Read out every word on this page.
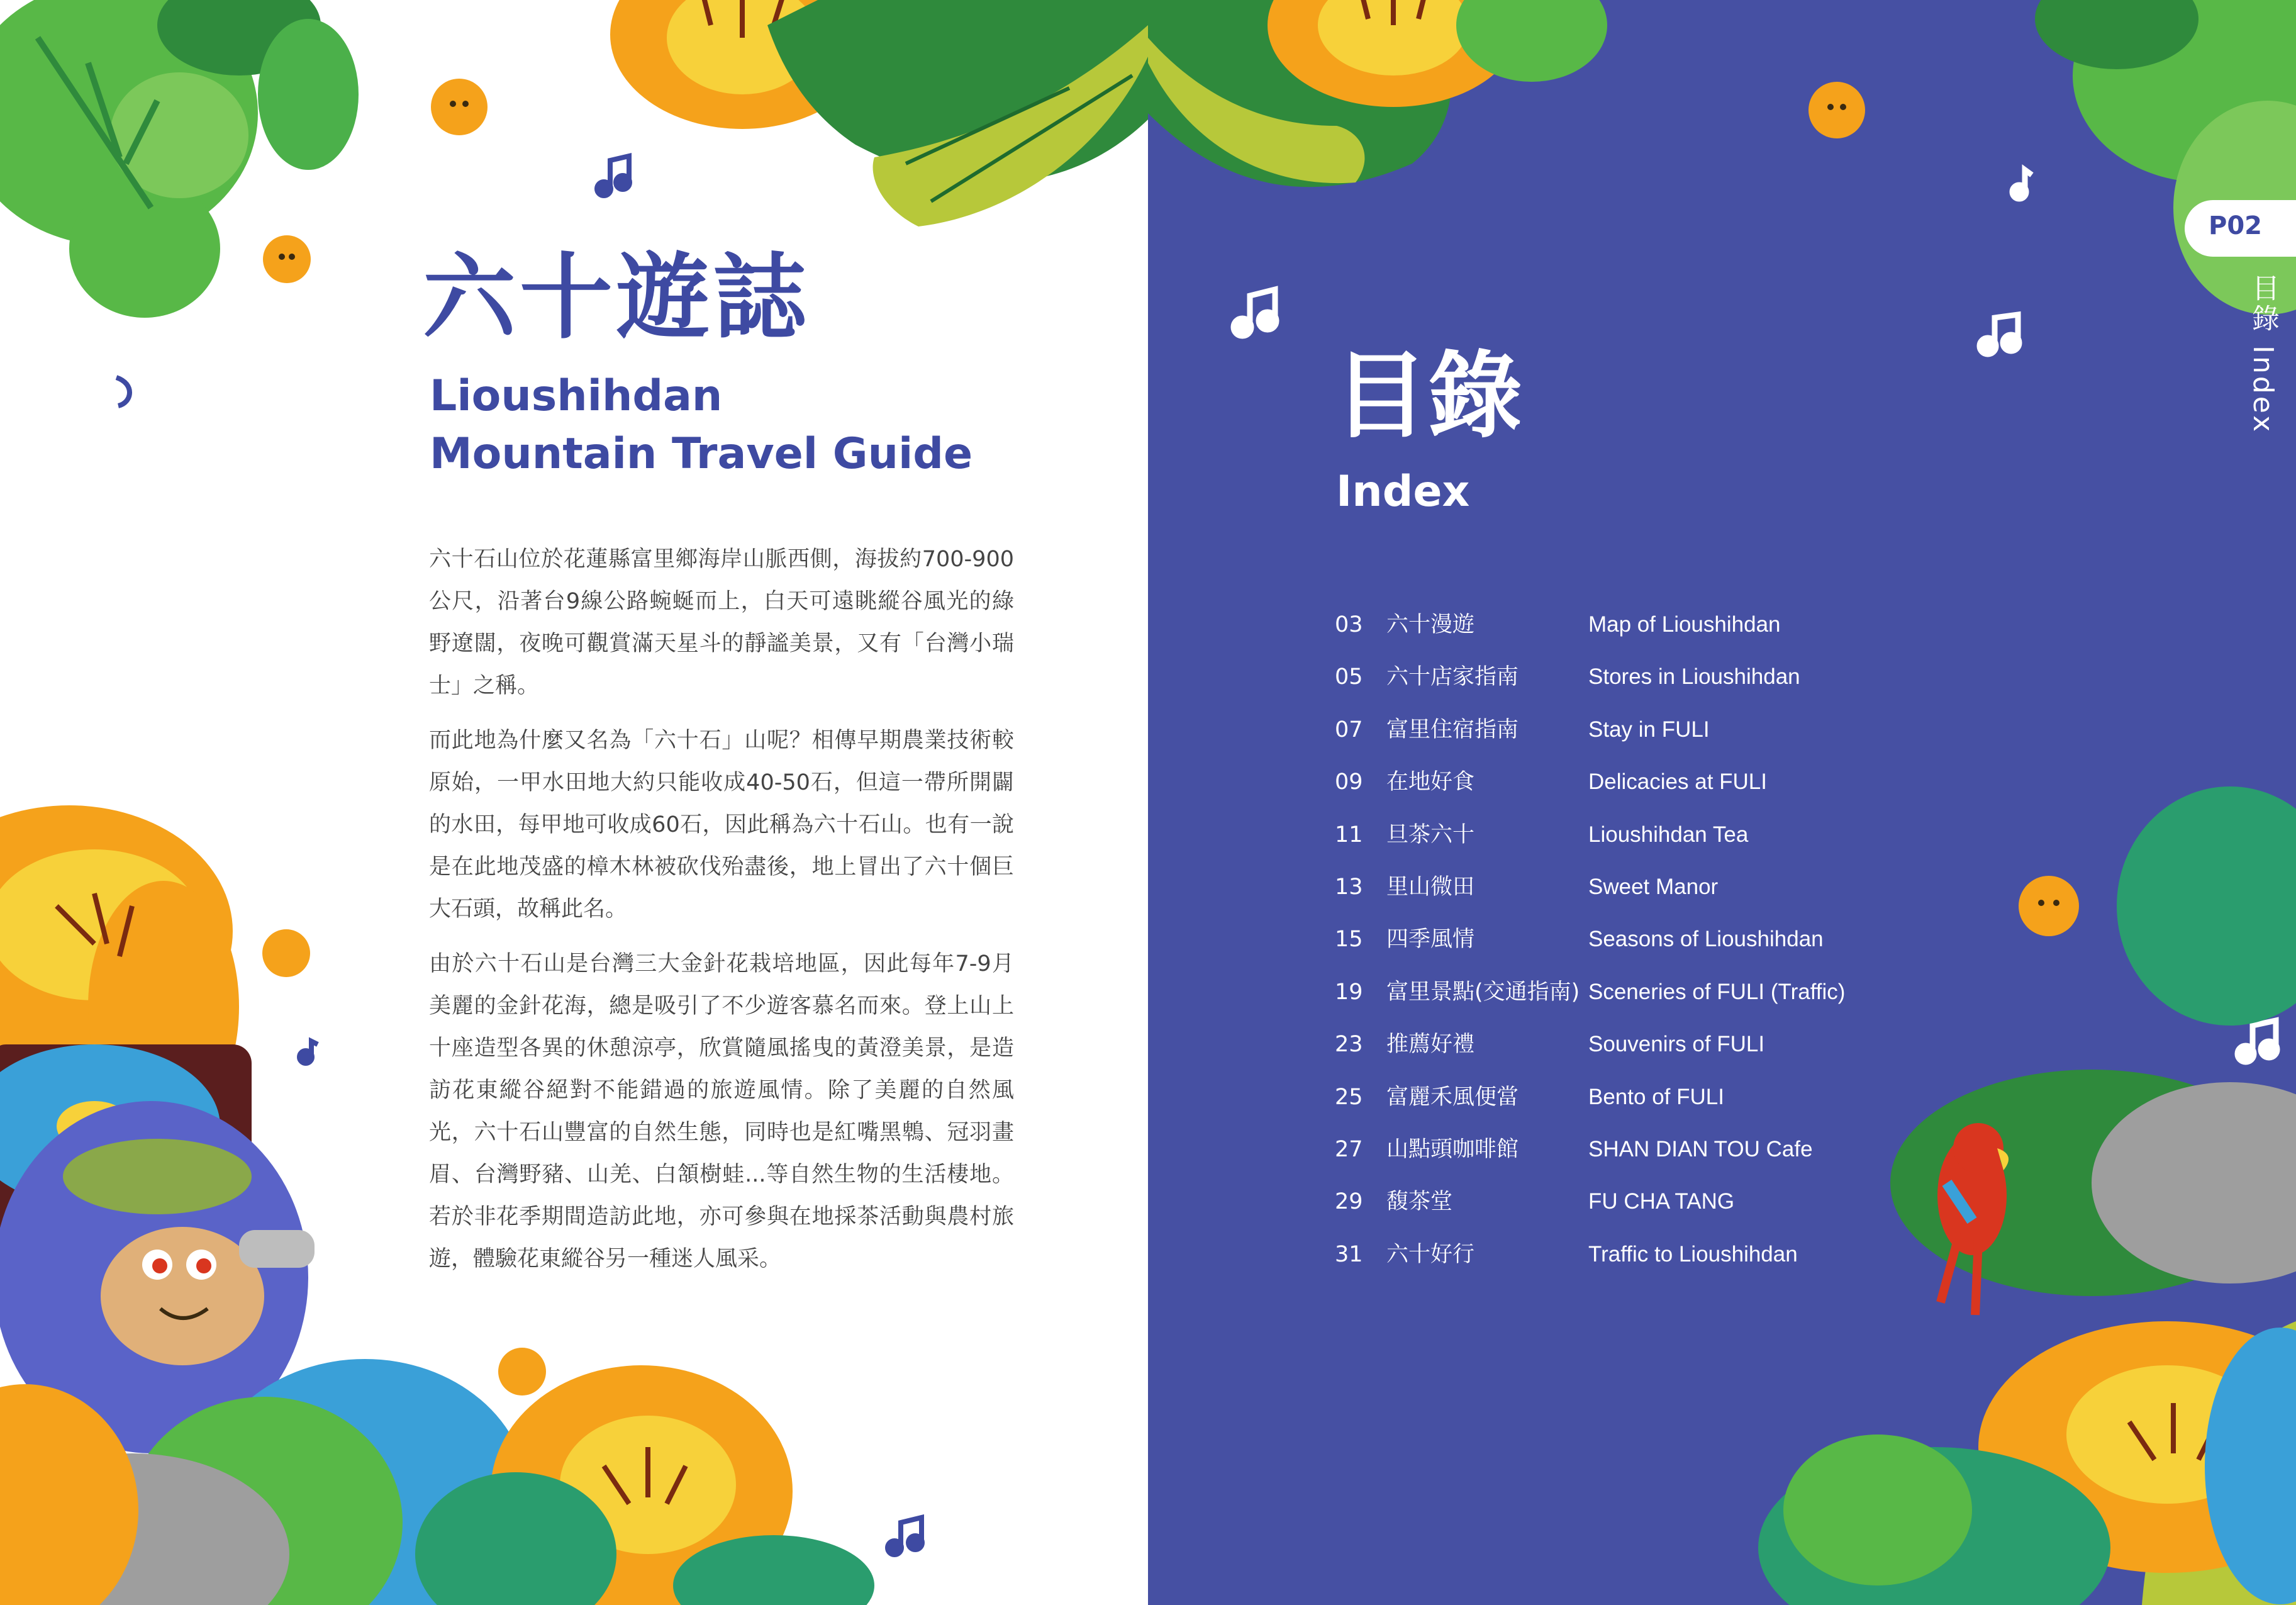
六十遊誌
Lioushihdan
Mountain Travel Guide

六十石山位於花蓮縣富里鄉海岸山脈西側，海拔約700-900公尺，沿著台9線公路蜿蜒而上，白天可遠眺縱谷風光的綠野遼闊，夜晚可觀賞滿天星斗的靜謐美景，又有「台灣小瑞士」之稱。

而此地為什麼又名為「六十石」山呢？相傳早期農業技術較原始，一甲水田地大約只能收成40-50石，但這一帶所開闢的水田，每甲地可收成60石，因此稱為六十石山。也有一說是在此地茂盛的樟木林被砍伐殆盡後，地上冒出了六十個巨大石頭，故稱此名。

由於六十石山是台灣三大金針花栽培地區，因此每年7-9月美麗的金針花海，總是吸引了不少遊客慕名而來。登上山上十座造型各異的休憩涼亭，欣賞隨風搖曳的黃澄美景，是造訪花東縱谷絕對不能錯過的旅遊風情。除了美麗的自然風光，六十石山豐富的自然生態，同時也是紅嘴黑鵯、冠羽畫眉、台灣野豬、山羌、白頷樹蛙...等自然生物的生活棲地。若於非花季期間造訪此地，亦可參與在地採茶活動與農村旅遊，體驗花東縱谷另一種迷人風采。

目錄
Index
03 六十漫遊	Map of Lioushihdan
05 六十店家指南	Stores in Lioushihdan
07 富里住宿指南	Stay in FULI
09 在地好食	Delicacies at FULI
11 旦茶六十	Lioushihdan Tea
13 里山微田	Sweet Manor
15 四季風情	Seasons of Lioushihdan
19 富里景點(交通指南) Sceneries of FULI (Traffic)
23 推薦好禮	Souvenirs of FULI
25 富麗禾風便當	Bento of FULI
27 山點頭咖啡館	SHAN DIAN TOU Cafe
29 馥茶堂	FU CHA TANG
31 六十好行	Traffic to Lioushihdan
P02
目錄 Index
